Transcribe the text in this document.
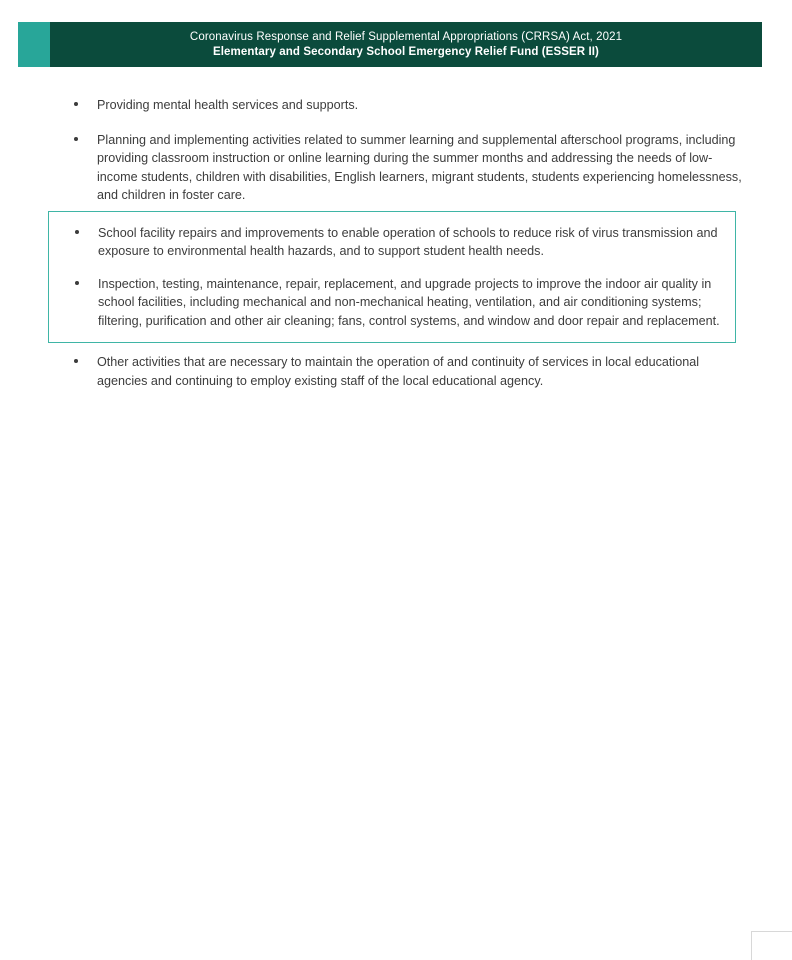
Coronavirus Response and Relief Supplemental Appropriations (CRRSA) Act, 2021
Elementary and Secondary School Emergency Relief Fund (ESSER II)
Providing mental health services and supports.
Planning and implementing activities related to summer learning and supplemental afterschool programs, including providing classroom instruction or online learning during the summer months and addressing the needs of low-income students, children with disabilities, English learners, migrant students, students experiencing homelessness, and children in foster care.
School facility repairs and improvements to enable operation of schools to reduce risk of virus transmission and exposure to environmental health hazards, and to support student health needs.
Inspection, testing, maintenance, repair, replacement, and upgrade projects to improve the indoor air quality in school facilities, including mechanical and non-mechanical heating, ventilation, and air conditioning systems; filtering, purification and other air cleaning; fans, control systems, and window and door repair and replacement.
Other activities that are necessary to maintain the operation of and continuity of services in local educational agencies and continuing to employ existing staff of the local educational agency.
